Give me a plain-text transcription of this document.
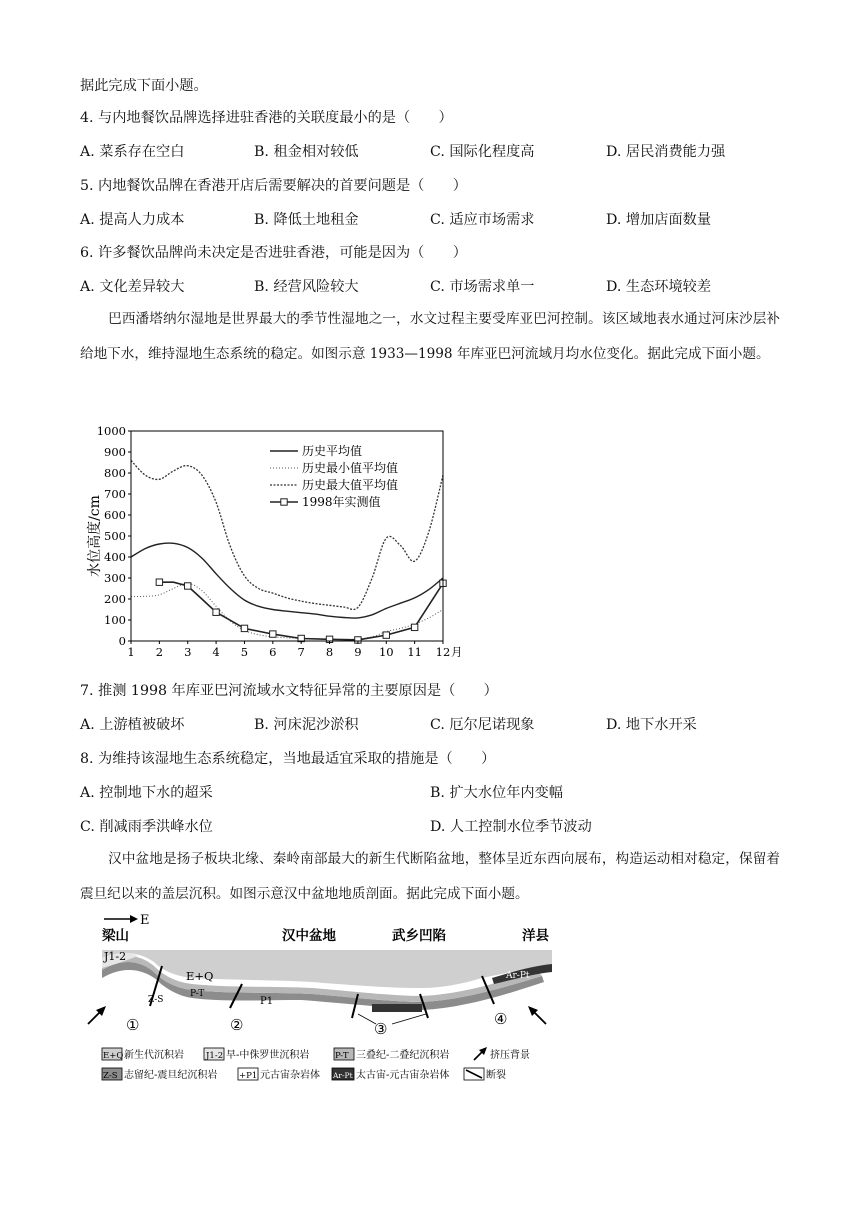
据此完成下面小题。
4. 与内地餐饮品牌选择进驻香港的关联度最小的是（　　）
A. 菜系存在空白	B. 租金相对较低	C. 国际化程度高	D. 居民消费能力强
5. 内地餐饮品牌在香港开店后需要解决的首要问题是（　　）
A. 提高人力成本	B. 降低土地租金	C. 适应市场需求	D. 增加店面数量
6. 许多餐饮品牌尚未决定是否进驻香港，可能是因为（　　）
A. 文化差异较大	B. 经营风险较大	C. 市场需求单一	D. 生态环境较差
巴西潘塔纳尔湿地是世界最大的季节性湿地之一，水文过程主要受库亚巴河控制。该区域地表水通过河床沙层补给地下水，维持湿地生态系统的稳定。如图示意 1933—1998 年库亚巴河流域月均水位变化。据此完成下面小题。
0
100
200
300
400
500
600
700
800
900
1000
1 2 3 4 5 6 7 8 9 10 11 12 月
水位高度/cm
历史平均值
历史最小值平均值
历史最大值平均值
1998年实测值
7. 推测 1998 年库亚巴河流域水文特征异常的主要原因是（　　）
A. 上游植被破坏	B. 河床泥沙淤积	C. 厄尔尼诺现象	D. 地下水开采
8. 为维持该湿地生态系统稳定，当地最适宜采取的措施是（　　）
A. 控制地下水的超采	B. 扩大水位年内变幅
C. 削减雨季洪峰水位	D. 人工控制水位季节波动
汉中盆地是扬子板块北缘、秦岭南部最大的新生代断陷盆地，整体呈近东西向展布，构造运动相对稳定，保留着震旦纪以来的盖层沉积。如图示意汉中盆地地质剖面。据此完成下面小题。
E
梁山	汉中盆地	武乡凹陷	洋县
J1-2
E+Q
P-T
Ar-Pt
Z-S	P1
①	②	③
④
E+Q 新生代沉积岩	J1-2 早-中侏罗世沉积岩	P-T 三叠纪-二叠纪沉积岩	挤压背景
Z-S 志留纪-震旦纪沉积岩	+P1 元古宙杂岩体 Ar-Pt 太古宙-元古宙杂岩体	断裂
